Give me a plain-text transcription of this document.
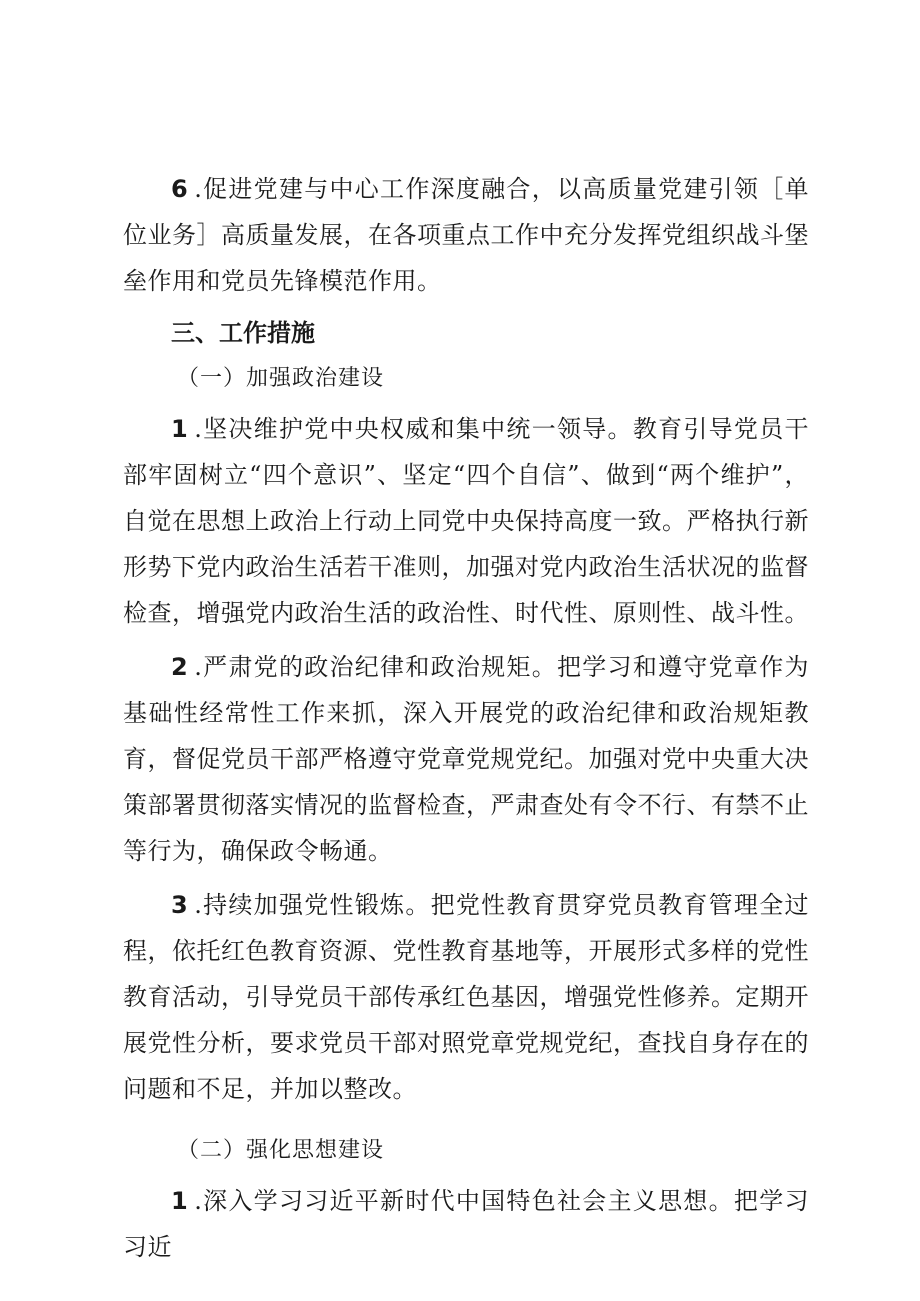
6 .促进党建与中心工作深度融合，以高质量党建引领［单位业务］高质量发展，在各项重点工作中充分发挥党组织战斗堡垒作用和党员先锋模范作用。

三、工作措施

（一）加强政治建设

1 .坚决维护党中央权威和集中统一领导。教育引导党员干部牢固树立“四个意识”、坚定“四个自信”、做到“两个维护”，自觉在思想上政治上行动上同党中央保持高度一致。严格执行新形势下党内政治生活若干准则，加强对党内政治生活状况的监督检查，增强党内政治生活的政治性、时代性、原则性、战斗性。

2 .严肃党的政治纪律和政治规矩。把学习和遵守党章作为基础性经常性工作来抓，深入开展党的政治纪律和政治规矩教育，督促党员干部严格遵守党章党规党纪。加强对党中央重大决策部署贯彻落实情况的监督检查，严肃查处有令不行、有禁不止等行为，确保政令畅通。

3 .持续加强党性锻炼。把党性教育贯穿党员教育管理全过程，依托红色教育资源、党性教育基地等，开展形式多样的党性教育活动，引导党员干部传承红色基因，增强党性修养。定期开展党性分析，要求党员干部对照党章党规党纪，查找自身存在的问题和不足，并加以整改。

（二）强化思想建设

1 .深入学习习近平新时代中国特色社会主义思想。把学习习近
